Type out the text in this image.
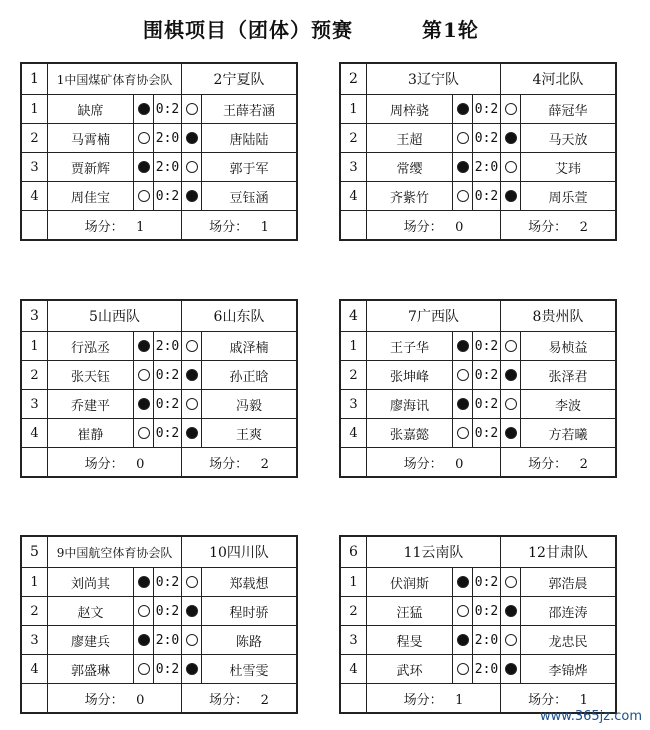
围棋项目（团体）预赛	第1轮
1	1中国煤矿体育协会队			2宁夏队	
1	缺席		0:2		王薛若涵
2	马霄楠		2:0		唐陆陆
3	贾新辉		2:0		郭于军
4	周佳宝		0:2		豆钰涵
	场分： 1			场分： 1	
2	3辽宁队			4河北队	
1	周梓骁		0:2		薛冠华
2	王超		0:2		马天放
3	常缨		2:0		艾玮
4	齐紫竹		0:2		周乐萱
	场分： 0			场分： 2	
3	5山西队			6山东队	
1	行泓丞		2:0		戚泽楠
2	张天钰		0:2		孙正晗
3	乔建平		0:2		冯毅
4	崔静		0:2		王爽
	场分： 0			场分： 2	
4	7广西队			8贵州队	
1	王子华		0:2		易桢益
2	张坤峰		0:2		张泽君
3	廖海讯		0:2		李波
4	张嘉懿		0:2		方若曦
	场分： 0			场分： 2	
5	9中国航空体育协会队			10四川队	
1	刘尚其		0:2		郑载想
2	赵文		0:2		程时骄
3	廖建兵		2:0		陈路
4	郭盛琳		0:2		杜雪雯
	场分： 0			场分： 2	
6	11云南队			12甘肃队	
1	伏润斯		0:2		郭浩晨
2	汪猛		0:2		邵连涛
3	程旻		2:0		龙忠民
4	武环		2:0		李锦烨
	场分： 1			场分： 1	
www.365jz.com
